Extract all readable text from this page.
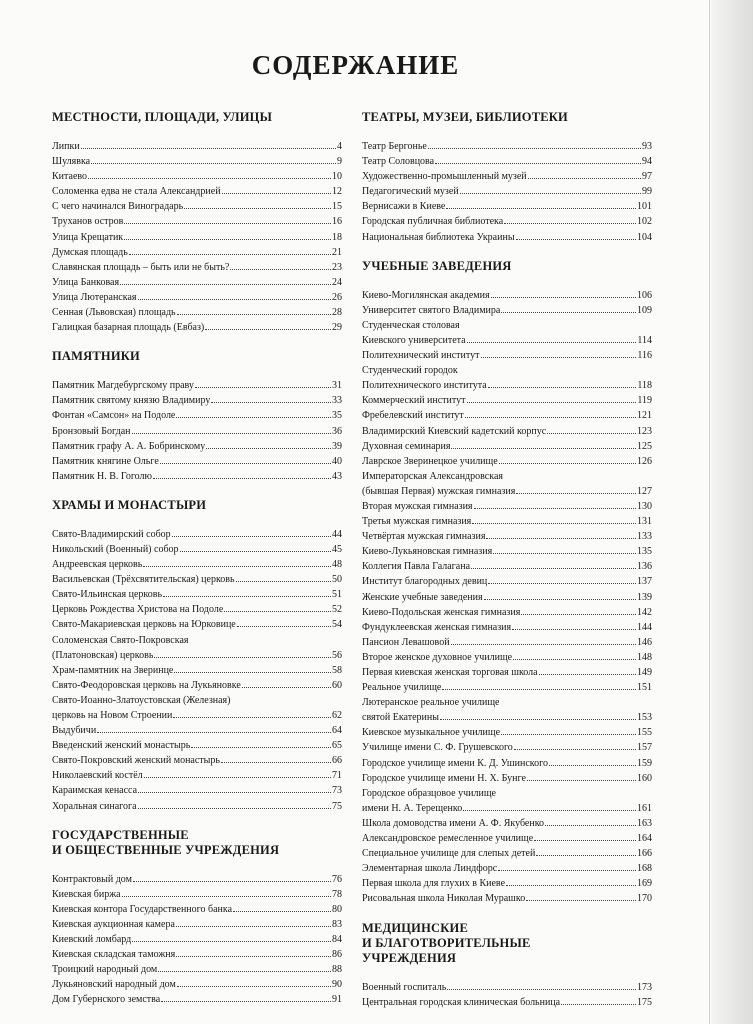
СОДЕРЖАНИЕ
МЕСТНОСТИ, ПЛОЩАДИ, УЛИЦЫ
Липки	4
Шулявка	9
Китаево	10
Соломенка едва не стала Александрией	12
С чего начинался Виноградарь	15
Труханов остров	16
Улица Крещатик	18
Думская площадь	21
Славянская площадь – быть или не быть?	23
Улица Банковая	24
Улица Лютеранская	26
Сенная (Львовская) площадь	28
Галицкая базарная площадь (Евбаз)	29
ПАМЯТНИКИ
Памятник Магдебургскому праву	31
Памятник святому князю Владимиру	33
Фонтан «Самсон» на Подоле	35
Бронзовый Богдан	36
Памятник графу А. А. Бобринскому	39
Памятник княгине Ольге	40
Памятник Н. В. Гоголю	43
ХРАМЫ И МОНАСТЫРИ
Свято-Владимирский собор	44
Никольский (Военный) собор	45
Андреевская церковь	48
Васильевская (Трёхсвятительская) церковь	50
Свято-Ильинская церковь	51
Церковь Рождества Христова на Подоле	52
Свято-Макариевская церковь на Юрковице	54
Соломенская Свято-Покровская
(Платоновская) церковь	56
Храм-памятник на Зверинце	58
Свято-Феодоровская церковь на Лукьяновке	60
Свято-Иоанно-Златоустовская (Железная)
церковь на Новом Строении	62
Выдубичи	64
Введенский женский монастырь	65
Свято-Покровский женский монастырь	66
Николаевский костёл	71
Караимская кенасса	73
Хоральная синагога	75
ГОСУДАРСТВЕННЫЕ
И ОБЩЕСТВЕННЫЕ УЧРЕЖДЕНИЯ
Контрактовый дом	76
Киевская биржа	78
Киевская контора Государственного банка	80
Киевская аукционная камера	83
Киевский ломбард	84
Киевская складская таможня	86
Троицкий народный дом	88
Лукьяновский народный дом	90
Дом Губернского земства	91
ТЕАТРЫ, МУЗЕИ, БИБЛИОТЕКИ
Театр Бергонье	93
Театр Соловцова	94
Художественно-промышленный музей	97
Педагогический музей	99
Вернисажи в Киеве	101
Городская публичная библиотека	102
Национальная библиотека Украины	104
УЧЕБНЫЕ ЗАВЕДЕНИЯ
Киево-Могилянская академия	106
Университет святого Владимира	109
Студенческая столовая
Киевского университета	114
Политехнический институт	116
Студенческий городок
Политехнического института	118
Коммерческий институт	119
Фребелевский институт	121
Владимирский Киевский кадетский корпус	123
Духовная семинария	125
Лаврское Зверинецкое училище	126
Императорская Александровская
(бывшая Первая) мужская гимназия	127
Вторая мужская гимназия	130
Третья мужская гимназия	131
Четвёртая мужская гимназия	133
Киево-Лукьяновская гимназия	135
Коллегия Павла Галагана	136
Институт благородных девиц	137
Женские учебные заведения	139
Киево-Подольская женская гимназия	142
Фундуклеевская женская гимназия	144
Пансион Левашовой	146
Второе женское духовное училище	148
Первая киевская женская торговая школа	149
Реальное училище	151
Лютеранское реальное училище
святой Екатерины	153
Киевское музыкальное училище	155
Училище имени С. Ф. Грушевского	157
Городское училище имени К. Д. Ушинского	159
Городское училище имени Н. Х. Бунге	160
Городское образцовое училище
имени Н. А. Терещенко	161
Школа домоводства имени А. Ф. Якубенко	163
Александровское ремесленное училище	164
Специальное училище для слепых детей	166
Элементарная школа Линдфорс	168
Первая школа для глухих в Киеве	169
Рисовальная школа Николая Мурашко	170
МЕДИЦИНСКИЕ
И БЛАГОТВОРИТЕЛЬНЫЕ
УЧРЕЖДЕНИЯ
Военный госпиталь	173
Центральная городская клиническая больница	175
